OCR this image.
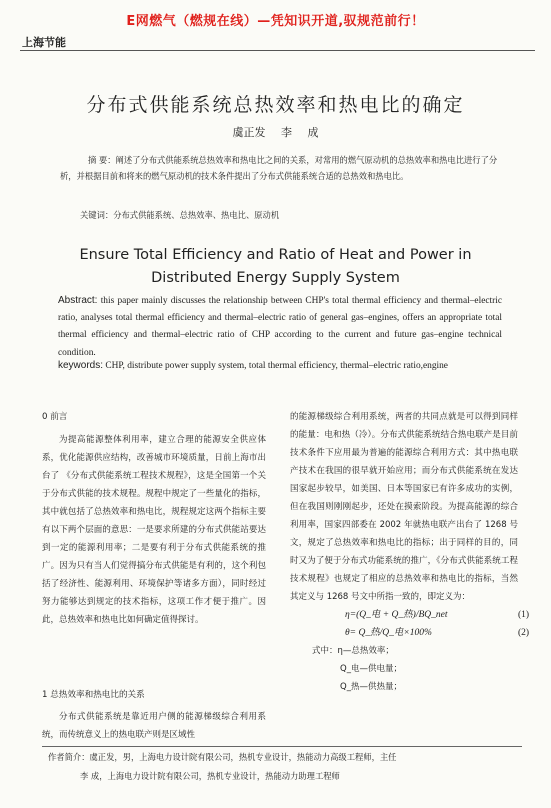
E网燃气（燃规在线）—凭知识开道,驭规范前行！
上海节能
分布式供能系统总热效率和热电比的确定
虞正发 李 成
摘 要：阐述了分布式供能系统总热效率和热电比之间的关系，对常用的燃气原动机的总热效率和热电比进行了分析，并根据目前和将来的燃气原动机的技术条件提出了分布式供能系统合适的总热效和热电比。
关键词：分布式供能系统、总热效率、热电比、原动机
Ensure Total Efficiency and Ratio of Heat and Power in
Distributed Energy Supply System
Abstract: this paper mainly discusses the relationship between CHP's total thermal efficiency and thermal–electric ratio, analyses total thermal efficiency and thermal–electric ratio of general gas–engines, offers an appropriate total thermal efficiency and thermal–electric ratio of CHP according to the current and future gas–engine technical condition.
keywords: CHP, distribute power supply system, total thermal efficiency, thermal–electric ratio,engine
0 前言

为提高能源整体利用率，建立合理的能源安全供应体系，优化能源供应结构，改善城市环境质量，日前上海市出台了 《分布式供能系统工程技术规程》，这是全国第一个关于分布式供能的技术规程。规程中规定了一些量化的指标，其中就包括了总热效率和热电比，规程规定这两个指标主要有以下两个层面的意思：一是要求所建的分布式供能站要达到一定的能源利用率；二是要有利于分布式供能系统的推广。因为只有当人们觉得搞分布式供能是有利的，这个利包括了经济性、能源利用、环境保护等诸多方面），同时经过努力能够达到规定的技术指标，这项工作才便于推广。因此，总热效率和热电比如何确定值得探讨。

1 总热效率和热电比的关系

分布式供能系统是靠近用户侧的能源梯级综合利用系统，而传统意义上的热电联产则是区域性

的能源梯级综合利用系统，两者的共同点就是可以得到同样的能量：电和热（冷）。分布式供能系统结合热电联产是目前技术条件下应用最为普遍的能源综合利用方式：其中热电联产技术在我国的很早就开始应用；而分布式供能系统在发达国家起步较早，如美国、日本等国家已有许多成功的实例，但在我国则刚刚起步，还处在摸索阶段。为提高能源的综合利用率，国家四部委在 2002 年就热电联产出台了 1268 号文，规定了总热效率和热电比的指标；出于同样的目的，同时又为了便于分布式功能系统的推广，《分布式供能系统工程技术规程》也规定了相应的总热效率和热电比的指标，当然其定义与 1268 号文中所指一致的，即定义为：

η=(Q_电 + Q_热)/BQ_net	(1)
θ= Q_热/Q_电×100%	(2)
式中：η—总热效率；
Q_电—供电量；
Q_热—供热量；
作者简介：虞正发，男，上海电力设计院有限公司，热机专业设计，热能动力高级工程师，主任
李 成，上海电力设计院有限公司，热机专业设计，热能动力助理工程师
